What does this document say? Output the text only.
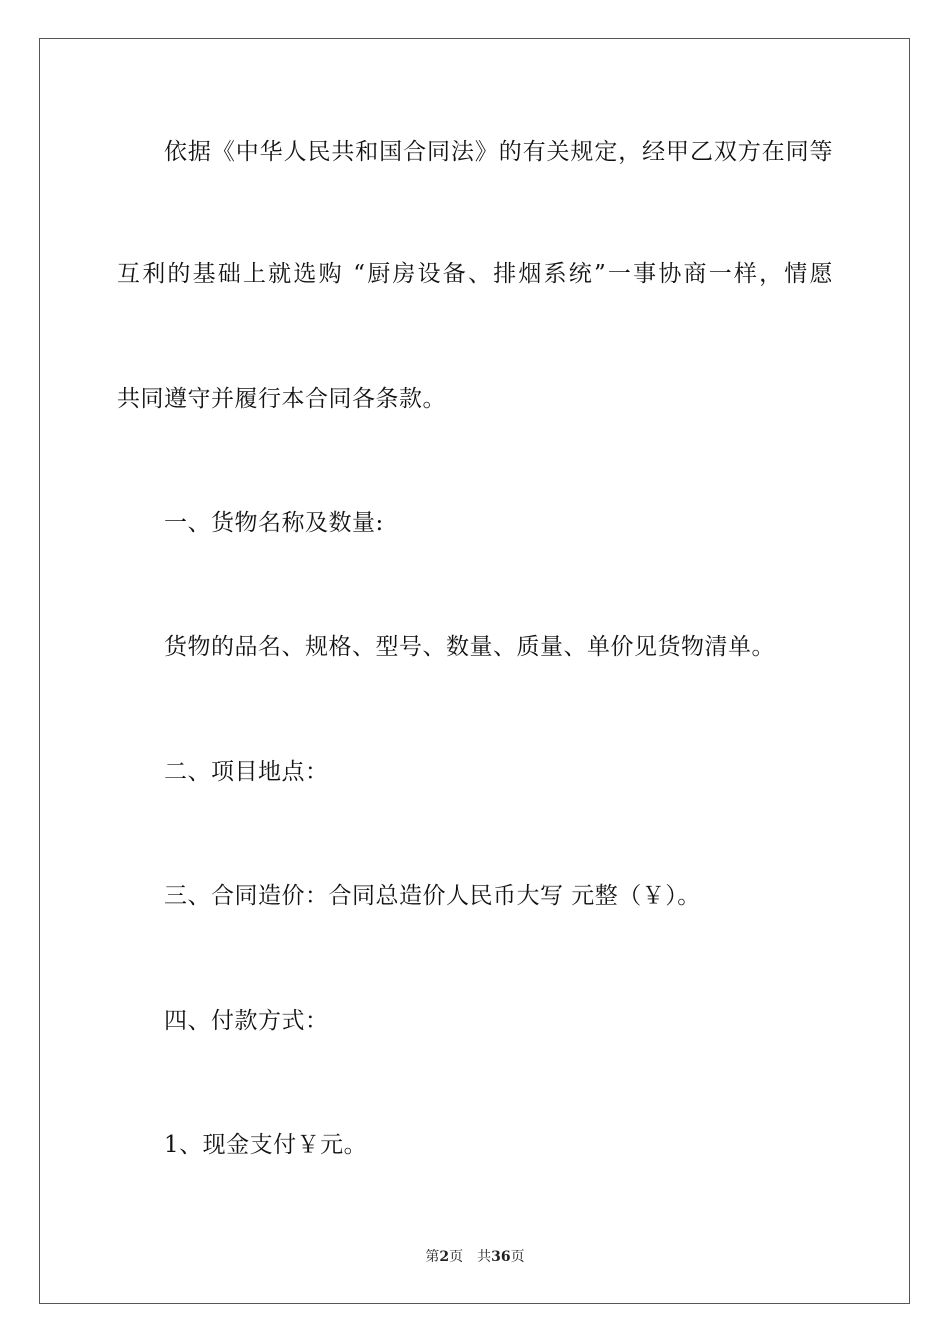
依据《中华人民共和国合同法》的有关规定，经甲乙双方在同等
互利的基础上就选购 “厨房设备、排烟系统”一事协商一样，情愿
共同遵守并履行本合同各条款。
一、货物名称及数量:
货物的品名、规格、型号、数量、质量、单价见货物清单。
二、项目地点：
三、合同造价：合同总造价人民币大写 元整（￥）。
四、付款方式：
1、现金支付￥元。
第2页 共36页
